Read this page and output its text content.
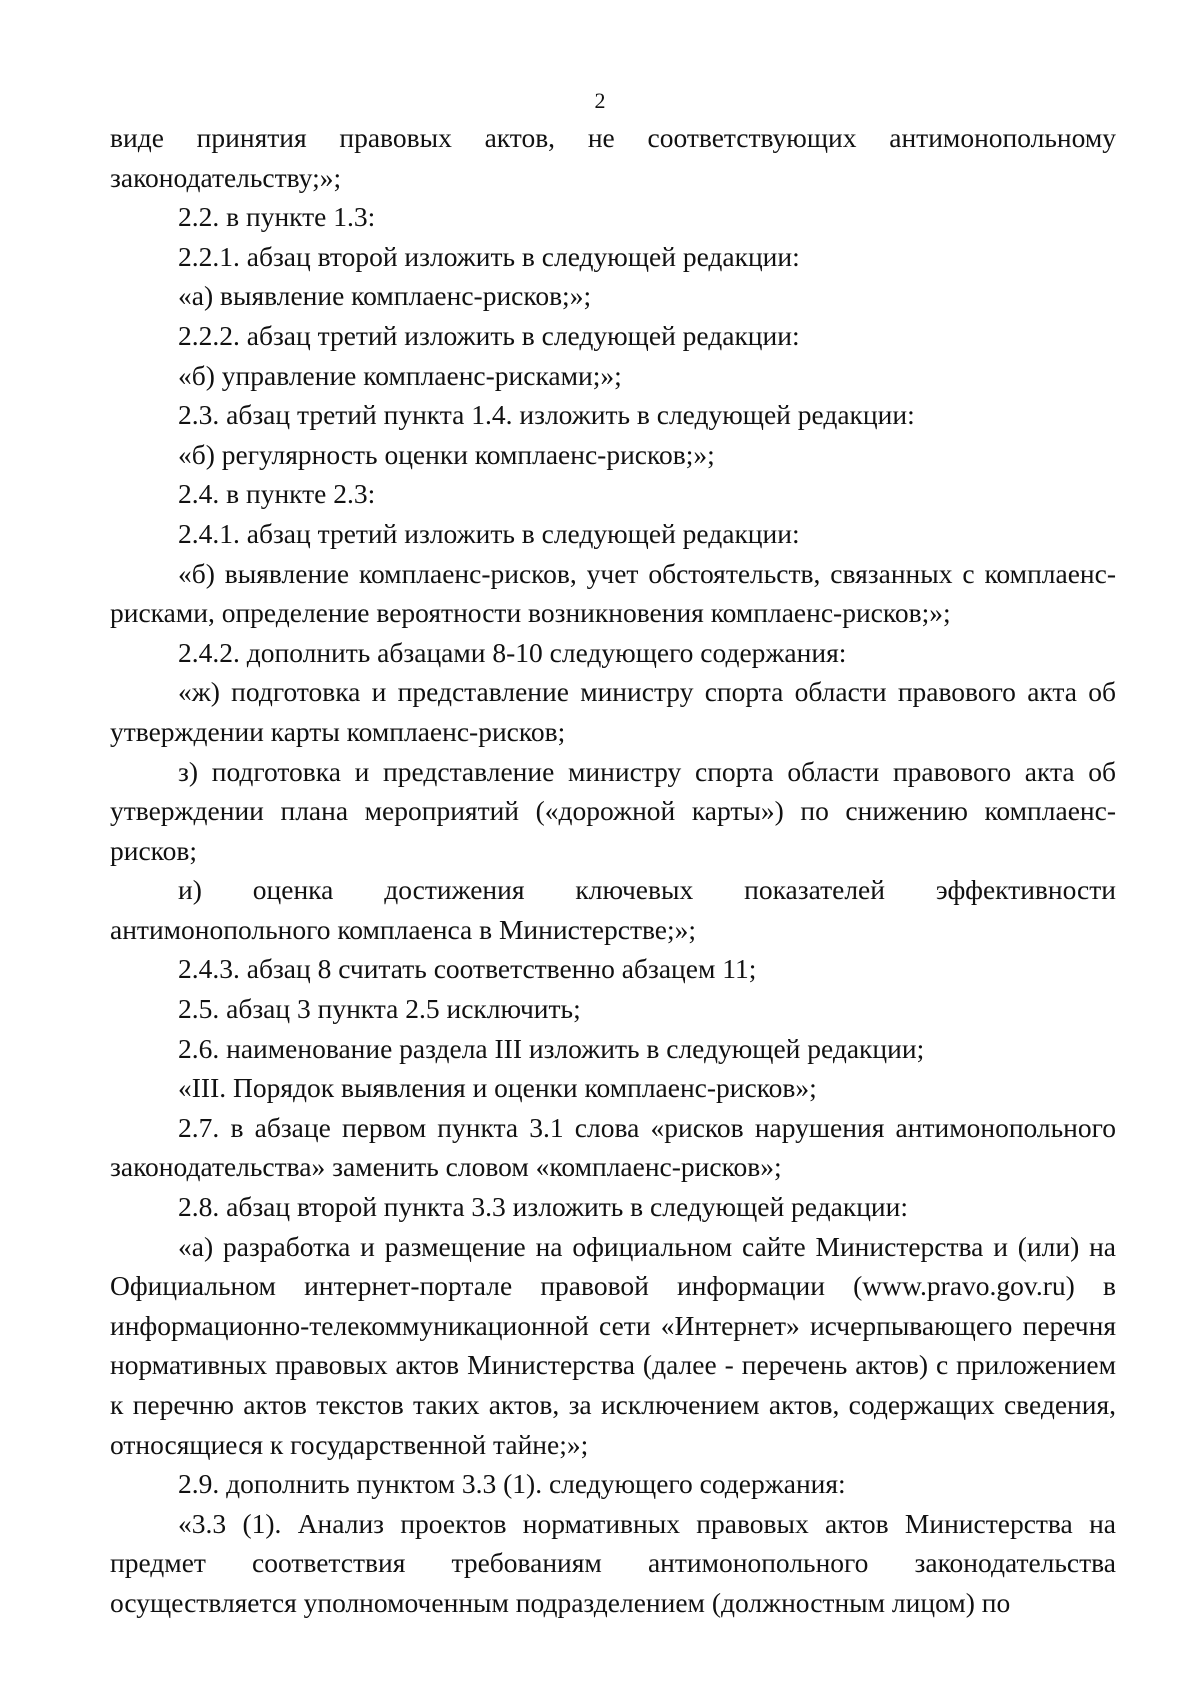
2

виде принятия правовых актов, не соответствующих антимонопольному законодательству;»;

2.2. в пункте 1.3:

2.2.1. абзац второй изложить в следующей редакции:

«а) выявление комплаенс-рисков;»;

2.2.2. абзац третий изложить в следующей редакции:

«б) управление комплаенс-рисками;»;

2.3. абзац третий пункта 1.4. изложить в следующей редакции:

«б) регулярность оценки комплаенс-рисков;»;

2.4. в пункте 2.3:

2.4.1. абзац третий изложить в следующей редакции:

«б) выявление комплаенс-рисков, учет обстоятельств, связанных с комплаенс-рисками, определение вероятности возникновения комплаенс-рисков;»;

2.4.2. дополнить абзацами 8-10 следующего содержания:

«ж) подготовка и представление министру спорта области правового акта об утверждении карты комплаенс-рисков;

з) подготовка и представление министру спорта области правового акта об утверждении плана мероприятий («дорожной карты») по снижению комплаенс-рисков;

и) оценка достижения ключевых показателей эффективности антимонопольного комплаенса в Министерстве;»;

2.4.3. абзац 8 считать соответственно абзацем 11;

2.5. абзац 3 пункта 2.5 исключить;

2.6. наименование раздела III изложить в следующей редакции;

«III. Порядок выявления и оценки комплаенс-рисков»;

2.7. в абзаце первом пункта 3.1 слова «рисков нарушения антимонопольного законодательства» заменить словом «комплаенс-рисков»;

2.8. абзац второй пункта 3.3 изложить в следующей редакции:

«а) разработка и размещение на официальном сайте Министерства и (или) на Официальном интернет-портале правовой информации (www.pravo.gov.ru) в информационно-телекоммуникационной сети «Интернет» исчерпывающего перечня нормативных правовых актов Министерства (далее - перечень актов) с приложением к перечню актов текстов таких актов, за исключением актов, содержащих сведения, относящиеся к государственной тайне;»;

2.9. дополнить пунктом 3.3 (1). следующего содержания:

«3.3 (1). Анализ проектов нормативных правовых актов Министерства на предмет соответствия требованиям антимонопольного законодательства осуществляется уполномоченным подразделением (должностным лицом) по
